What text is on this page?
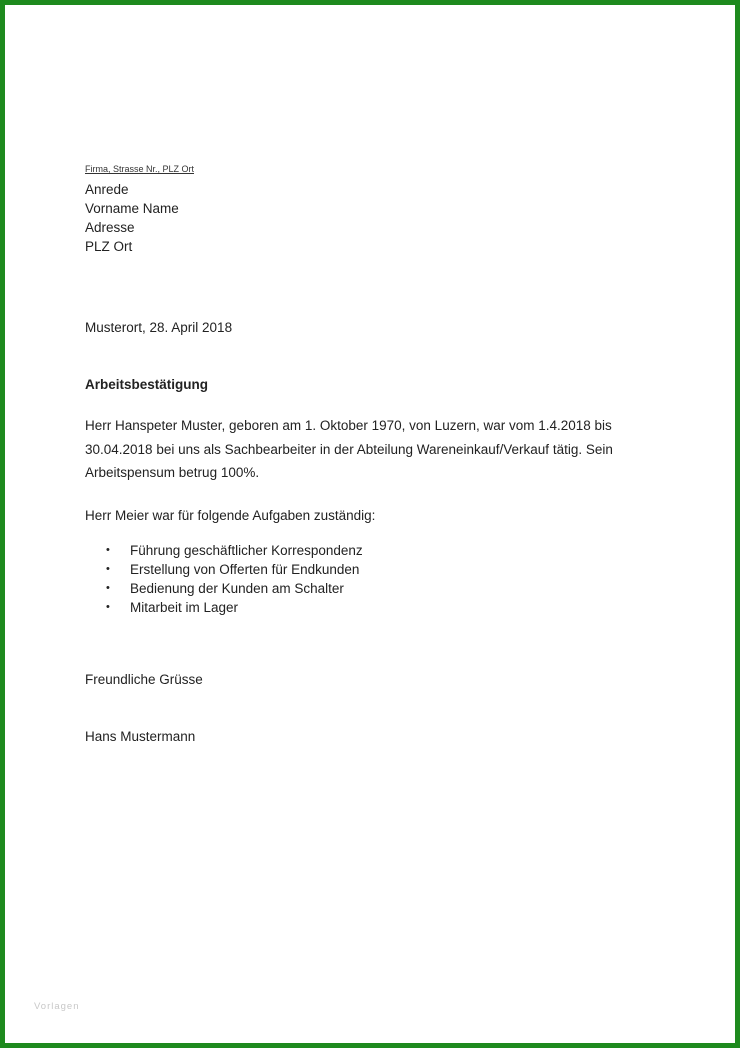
Firma, Strasse Nr., PLZ Ort
Anrede
Vorname Name
Adresse
PLZ Ort
Musterort, 28. April 2018
Arbeitsbestätigung
Herr Hanspeter Muster, geboren am 1. Oktober 1970, von Luzern, war vom 1.4.2018 bis
30.04.2018 bei uns als Sachbearbeiter in der Abteilung Wareneinkauf/Verkauf tätig. Sein
Arbeitspensum betrug 100%.
Herr Meier war für folgende Aufgaben zuständig:
• Führung geschäftlicher Korrespondenz
• Erstellung von Offerten für Endkunden
• Bedienung der Kunden am Schalter
• Mitarbeit im Lager
Freundliche Grüsse
Hans Mustermann
Vorlagen
